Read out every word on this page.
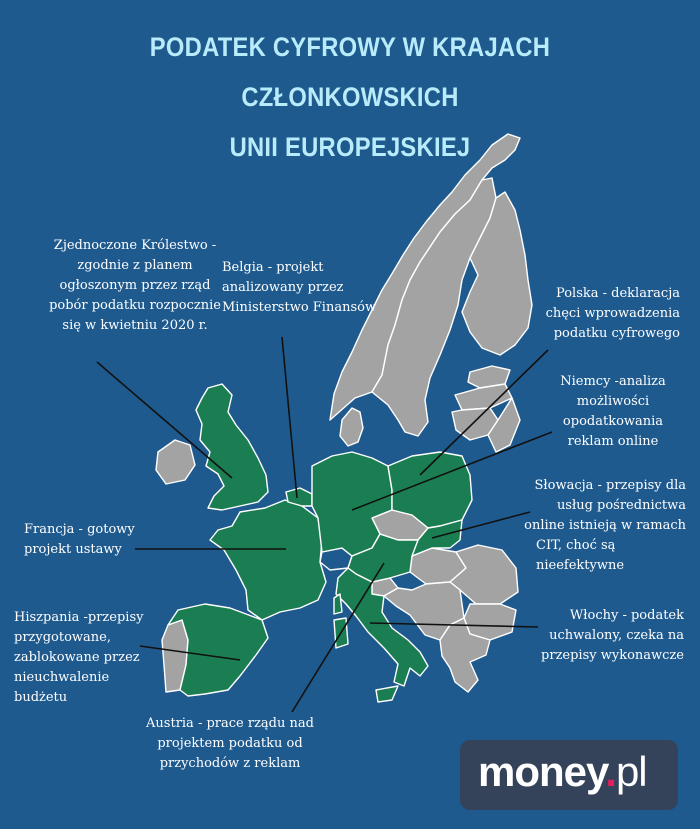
PODATEK CYFROWY W KRAJACH CZŁONKOWSKICH
UNII EUROPEJSKIEJ
Zjednoczone Królestwo -
zgodnie z planem
ogłoszonym przez rząd
pobór podatku rozpocznie
się w kwietniu 2020 r.
Belgia - projekt
analizowany przez
Ministerstwo Finansów
Polska - deklaracja
chęci wprowadzenia
podatku cyfrowego
Niemcy -analiza
możliwości
opodatkowania
reklam online
Słowacja - przepisy dla
usług pośrednictwa
online istnieją w ramach
CIT, choć są
nieefektywne
Francja - gotowy
projekt ustawy
Hiszpania -przepisy
przygotowane,
zablokowane przez
nieuchwalenie
budżetu
Włochy - podatek
uchwalony, czeka na
przepisy wykonawcze
Austria - prace rządu nad
projektem podatku od
przychodów z reklam	money.pl
